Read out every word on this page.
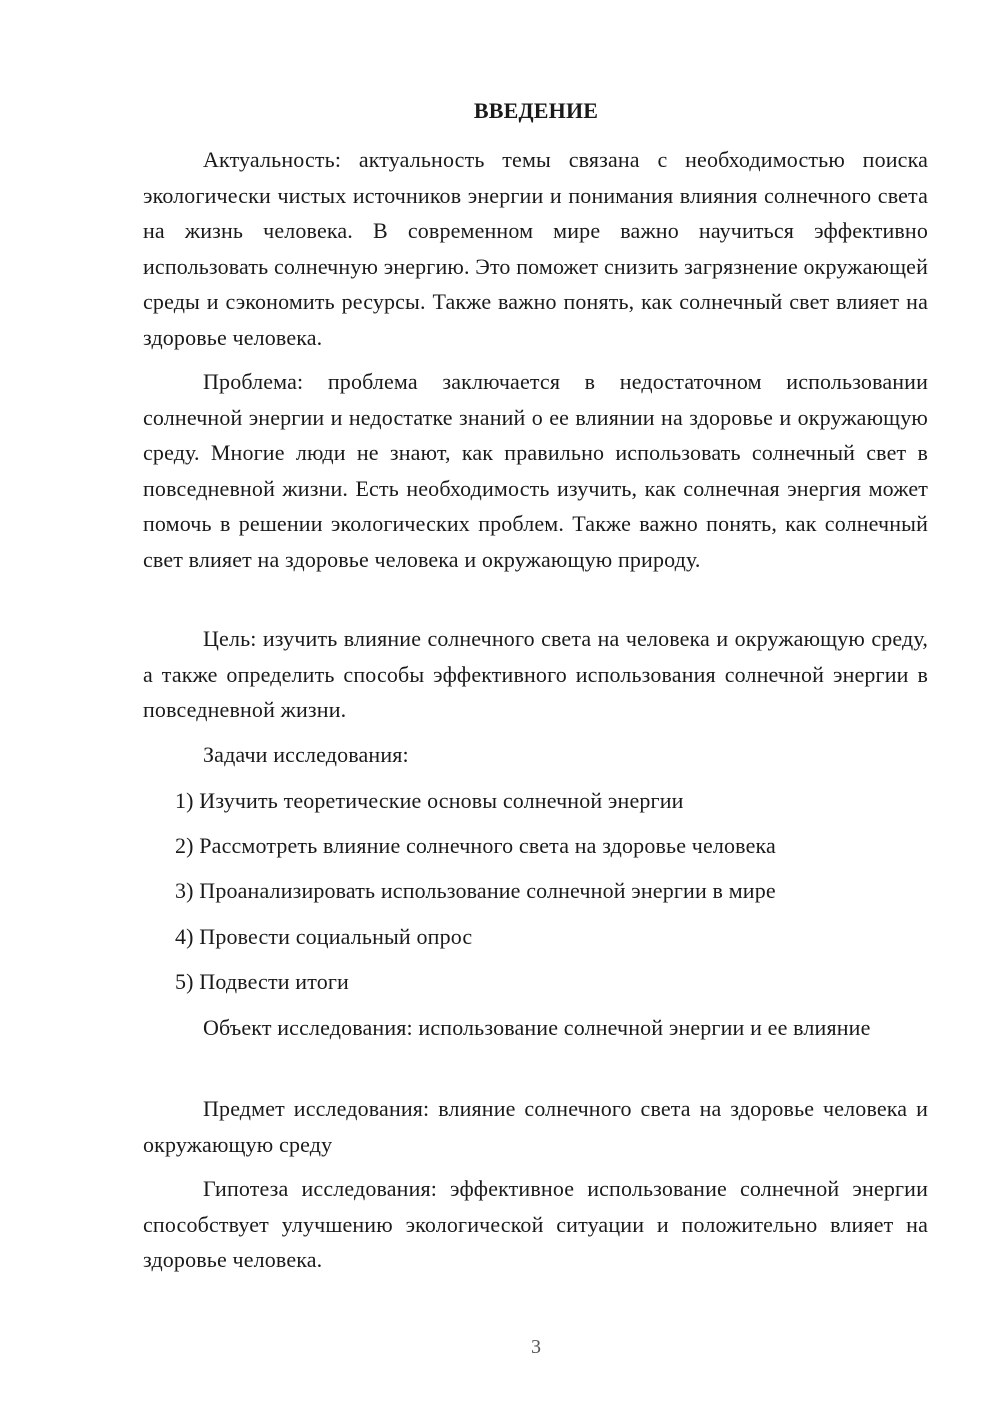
ВВЕДЕНИЕ

Актуальность: актуальность темы связана с необходимостью поиска экологически чистых источников энергии и понимания влияния солнечного света на жизнь человека. В современном мире важно научиться эффективно использовать солнечную энергию. Это поможет снизить загрязнение окружающей среды и сэкономить ресурсы. Также важно понять, как солнечный свет влияет на здоровье человека.

Проблема: проблема заключается в недостаточном использовании солнечной энергии и недостатке знаний о ее влиянии на здоровье и окружающую среду. Многие люди не знают, как правильно использовать солнечный свет в повседневной жизни. Есть необходимость изучить, как солнечная энергия может помочь в решении экологических проблем. Также важно понять, как солнечный свет влияет на здоровье человека и окружающую природу.

Цель: изучить влияние солнечного света на человека и окружающую среду, а также определить способы эффективного использования солнечной энергии в повседневной жизни.

Задачи исследования:

1) Изучить теоретические основы солнечной энергии

2) Рассмотреть влияние солнечного света на здоровье человека

3) Проанализировать использование солнечной энергии в мире

4) Провести социальный опрос

5) Подвести итоги

Объект исследования: использование солнечной энергии и ее влияние

Предмет исследования: влияние солнечного света на здоровье человека и окружающую среду

Гипотеза исследования: эффективное использование солнечной энергии способствует улучшению экологической ситуации и положительно влияет на здоровье человека.

3
